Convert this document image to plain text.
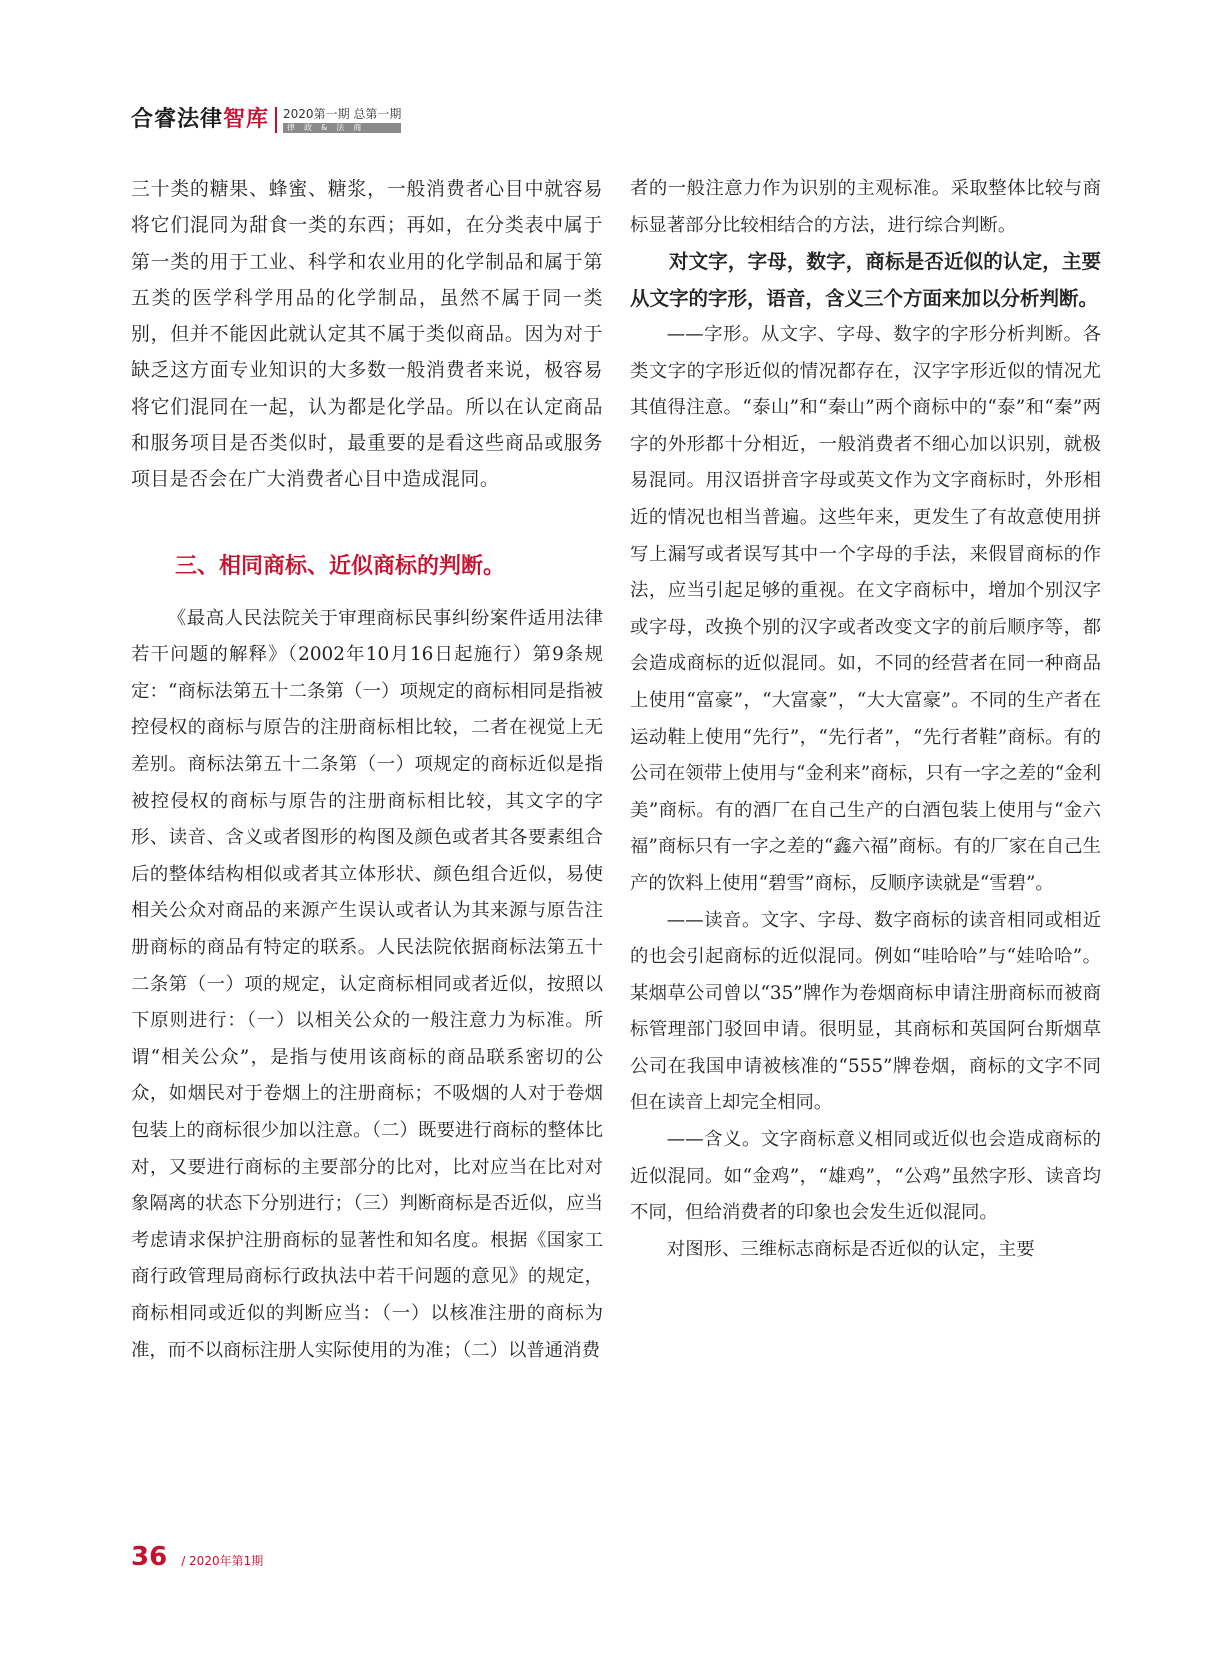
合睿法律智库 2020第一期 总第一期
律政&法商

三十类的糖果、蜂蜜、糖浆，一般消费者心目中就容易将它们混同为甜食一类的东西；再如，在分类表中属于第一类的用于工业、科学和农业用的化学制品和属于第五类的医学科学用品的化学制品，虽然不属于同一类别，但并不能因此就认定其不属于类似商品。因为对于缺乏这方面专业知识的大多数一般消费者来说，极容易将它们混同在一起，认为都是化学品。所以在认定商品和服务项目是否类似时，最重要的是看这些商品或服务项目是否会在广大消费者心目中造成混同。

三、相同商标、近似商标的判断。

《最高人民法院关于审理商标民事纠纷案件适用法律若干问题的解释》（2002年10月16日起施行）第9条规定：“商标法第五十二条第（一）项规定的商标相同是指被控侵权的商标与原告的注册商标相比较，二者在视觉上无差别。商标法第五十二条第（一）项规定的商标近似是指被控侵权的商标与原告的注册商标相比较，其文字的字形、读音、含义或者图形的构图及颜色或者其各要素组合后的整体结构相似或者其立体形状、颜色组合近似，易使相关公众对商品的来源产生误认或者认为其来源与原告注册商标的商品有特定的联系。人民法院依据商标法第五十二条第（一）项的规定，认定商标相同或者近似，按照以下原则进行：（一）以相关公众的一般注意力为标准。所谓“相关公众”，是指与使用该商标的商品联系密切的公众，如烟民对于卷烟上的注册商标；不吸烟的人对于卷烟包装上的商标很少加以注意。（二）既要进行商标的整体比对，又要进行商标的主要部分的比对，比对应当在比对对象隔离的状态下分别进行；（三）判断商标是否近似，应当考虑请求保护注册商标的显著性和知名度。根据《国家工商行政管理局商标行政执法中若干问题的意见》的规定，商标相同或近似的判断应当：（一）以核准注册的商标为准，而不以商标注册人实际使用的为准；（二）以普通消费

者的一般注意力作为识别的主观标准。采取整体比较与商标显著部分比较相结合的方法，进行综合判断。

对文字，字母，数字，商标是否近似的认定，主要从文字的字形，语音，含义三个方面来加以分析判断。

——字形。从文字、字母、数字的字形分析判断。各类文字的字形近似的情况都存在，汉字字形近似的情况尤其值得注意。“泰山”和“秦山”两个商标中的“泰”和“秦”两字的外形都十分相近，一般消费者不细心加以识别，就极易混同。用汉语拼音字母或英文作为文字商标时，外形相近的情况也相当普遍。这些年来，更发生了有故意使用拼写上漏写或者误写其中一个字母的手法，来假冒商标的作法，应当引起足够的重视。在文字商标中，增加个别汉字或字母，改换个别的汉字或者改变文字的前后顺序等，都会造成商标的近似混同。如，不同的经营者在同一种商品上使用“富豪”，“大富豪”，“大大富豪”。不同的生产者在运动鞋上使用“先行”，“先行者”，“先行者鞋”商标。有的公司在领带上使用与“金利来”商标，只有一字之差的“金利美”商标。有的酒厂在自己生产的白酒包装上使用与“金六福”商标只有一字之差的“鑫六福”商标。有的厂家在自己生产的饮料上使用“碧雪”商标，反顺序读就是“雪碧”。

——读音。文字、字母、数字商标的读音相同或相近的也会引起商标的近似混同。例如“哇哈哈”与“娃哈哈”。某烟草公司曾以“35”牌作为卷烟商标申请注册商标而被商标管理部门驳回申请。很明显，其商标和英国阿台斯烟草公司在我国申请被核准的“555”牌卷烟，商标的文字不同但在读音上却完全相同。

——含义。文字商标意义相同或近似也会造成商标的近似混同。如“金鸡”，“雄鸡”，“公鸡”虽然字形、读音均不同，但给消费者的印象也会发生近似混同。

对图形、三维标志商标是否近似的认定，主要

36 / 2020年第1期
